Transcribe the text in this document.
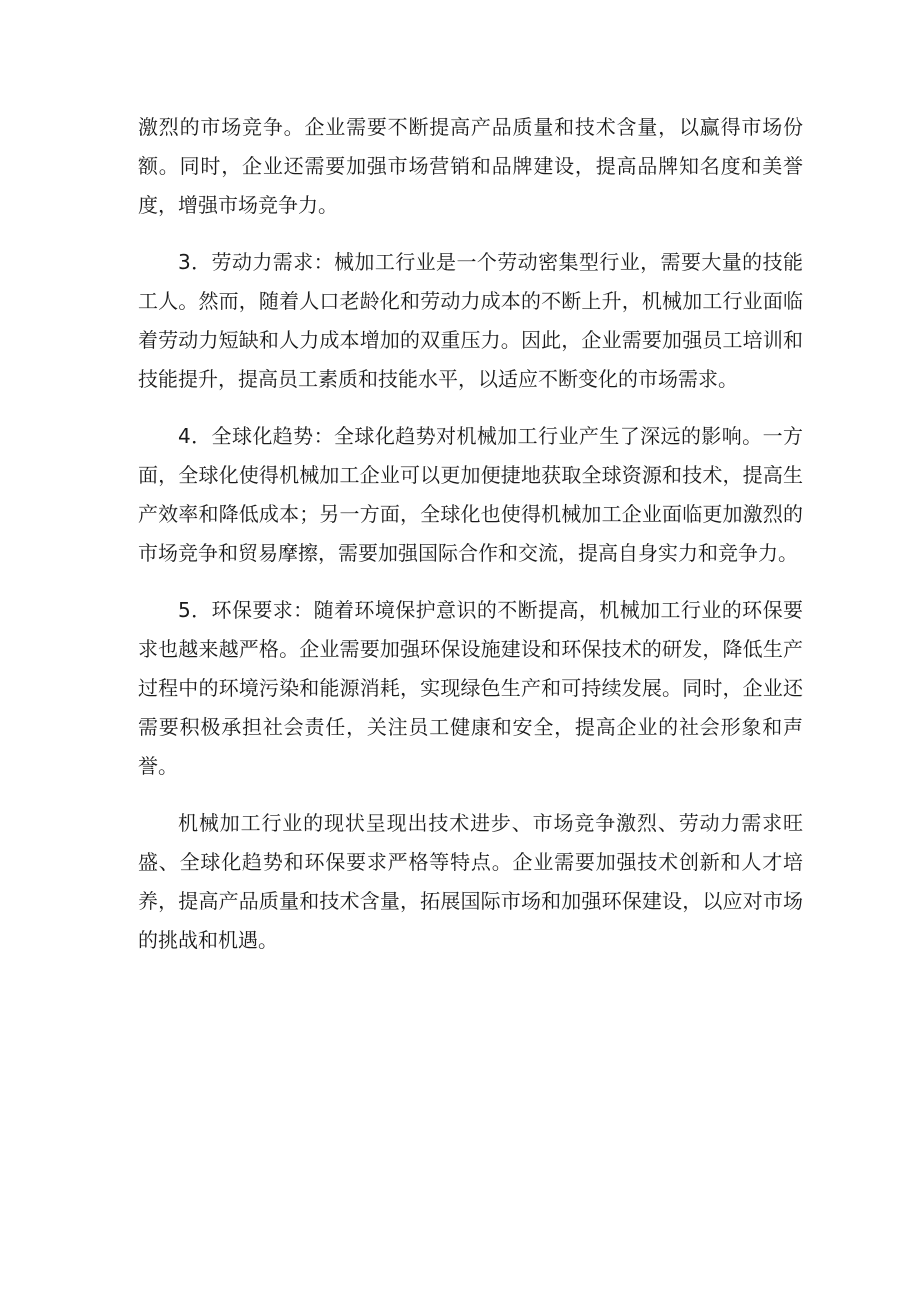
激烈的市场竞争。企业需要不断提高产品质量和技术含量，以赢得市场份额。同时，企业还需要加强市场营销和品牌建设，提高品牌知名度和美誉度，增强市场竞争力。

3．劳动力需求：械加工行业是一个劳动密集型行业，需要大量的技能工人。然而，随着人口老龄化和劳动力成本的不断上升，机械加工行业面临着劳动力短缺和人力成本增加的双重压力。因此，企业需要加强员工培训和技能提升，提高员工素质和技能水平，以适应不断变化的市场需求。

4．全球化趋势：全球化趋势对机械加工行业产生了深远的影响。一方面，全球化使得机械加工企业可以更加便捷地获取全球资源和技术，提高生产效率和降低成本；另一方面，全球化也使得机械加工企业面临更加激烈的市场竞争和贸易摩擦，需要加强国际合作和交流，提高自身实力和竞争力。

5．环保要求：随着环境保护意识的不断提高，机械加工行业的环保要求也越来越严格。企业需要加强环保设施建设和环保技术的研发，降低生产过程中的环境污染和能源消耗，实现绿色生产和可持续发展。同时，企业还需要积极承担社会责任，关注员工健康和安全，提高企业的社会形象和声誉。

机械加工行业的现状呈现出技术进步、市场竞争激烈、劳动力需求旺盛、全球化趋势和环保要求严格等特点。企业需要加强技术创新和人才培养，提高产品质量和技术含量，拓展国际市场和加强环保建设，以应对市场的挑战和机遇。
